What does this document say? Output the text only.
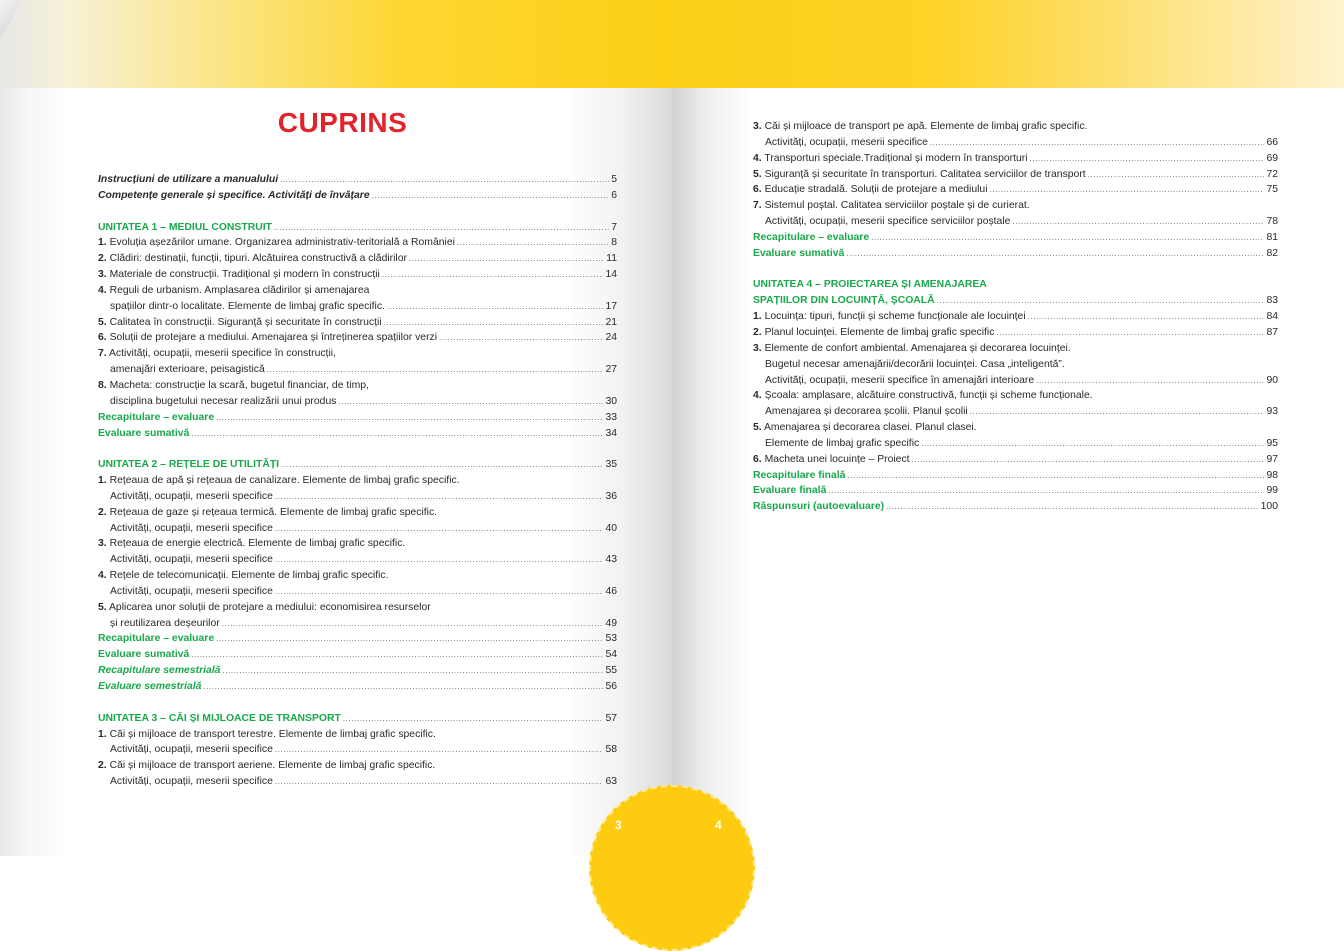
CUPRINS
Instrucțiuni de utilizare a manualului .....	5
Competențe generale și specifice. Activități de învățare .....	6
UNITATEA 1 – MEDIUL CONSTRUIT .....	7
1. Evoluția așezărilor umane. Organizarea administrativ-teritorială a României .....	8
2. Clădiri: destinații, funcții, tipuri. Alcătuirea constructivă a clădirilor .....	11
3. Materiale de construcții. Tradițional și modern în construcții .....	14
4. Reguli de urbanism. Amplasarea clădirilor și amenajarea
spațiilor dintr-o localitate. Elemente de limbaj grafic specific. .....	17
5. Calitatea în construcții. Siguranță și securitate în construcții .....	21
6. Soluții de protejare a mediului. Amenajarea și întreținerea spațiilor verzi .....	24
7. Activități, ocupații, meserii specifice în construcții,
amenajări exterioare, peisagistică .....	27
8. Macheta: construcție la scară, bugetul financiar, de timp,
disciplina bugetului necesar realizării unui produs .....	30
Recapitulare – evaluare .....	33
Evaluare sumativă .....	34
UNITATEA 2 – REȚELE DE UTILITĂȚI .....	35
1. Rețeaua de apă și rețeaua de canalizare. Elemente de limbaj grafic specific.
Activități, ocupații, meserii specifice .....	36
2. Rețeaua de gaze și rețeaua termică. Elemente de limbaj grafic specific.
Activități, ocupații, meserii specifice .....	40
3. Rețeaua de energie electrică. Elemente de limbaj grafic specific.
Activități, ocupații, meserii specifice .....	43
4. Rețele de telecomunicații. Elemente de limbaj grafic specific.
Activități, ocupații, meserii specifice .....	46
5. Aplicarea unor soluții de protejare a mediului: economisirea resurselor
și reutilizarea deșeurilor .....	49
Recapitulare – evaluare .....	53
Evaluare sumativă .....	54
Recapitulare semestrială .....	55
Evaluare semestrială .....	56
UNITATEA 3 – CĂI ȘI MIJLOACE DE TRANSPORT .....	57
1. Căi și mijloace de transport terestre. Elemente de limbaj grafic specific.
Activități, ocupații, meserii specifice .....	58
2. Căi și mijloace de transport aeriene. Elemente de limbaj grafic specific.
Activități, ocupații, meserii specifice .....	63
3. Căi și mijloace de transport pe apă. Elemente de limbaj grafic specific.
Activități, ocupații, meserii specifice .....	66
4. Transporturi speciale.Tradițional și modern în transporturi .....	69
5. Siguranță și securitate în transporturi. Calitatea serviciilor de transport .....	72
6. Educație stradală. Soluții de protejare a mediului .....	75
7. Sistemul poștal. Calitatea serviciilor poștale și de curierat.
Activități, ocupații, meserii specifice serviciilor poștale .....	78
Recapitulare – evaluare .....	81
Evaluare sumativă .....	82
UNITATEA 4 – PROIECTAREA ȘI AMENAJAREA
SPAȚIILOR DIN LOCUINȚĂ, ȘCOALĂ .....	83
1. Locuința: tipuri, funcții și scheme funcționale ale locuinței .....	84
2. Planul locuinței. Elemente de limbaj grafic specific .....	87
3. Elemente de confort ambiental. Amenajarea și decorarea locuinței.
Bugetul necesar amenajării/decorării locuinței. Casa „inteligentă”.
Activități, ocupații, meserii specifice în amenajări interioare .....	90
4. Școala: amplasare, alcătuire constructivă, funcții și scheme funcționale.
Amenajarea și decorarea școlii. Planul școlii .....	93
5. Amenajarea și decorarea clasei. Planul clasei.
Elemente de limbaj grafic specific .....	95
6. Macheta unei locuințe – Proiect .....	97
Recapitulare finală .....	98
Evaluare finală .....	99
Răspunsuri (autoevaluare) .....	100
3	4
